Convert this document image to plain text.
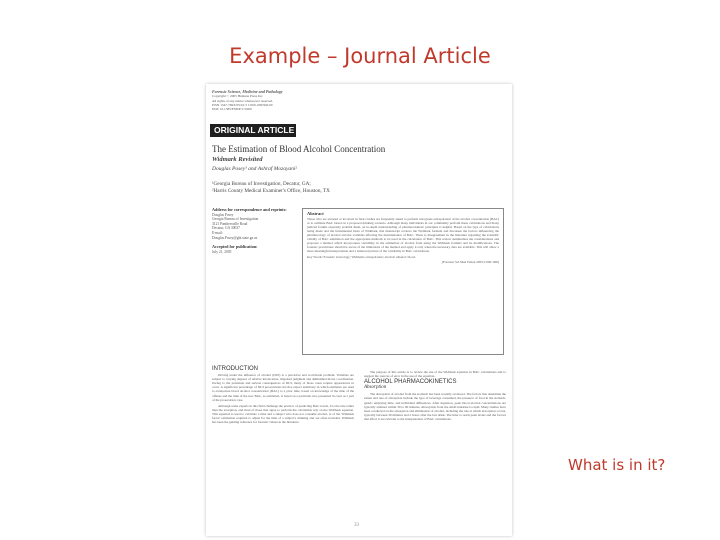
Example – Journal Article
Forensic Science, Medicine and Pathology
Copyright © 2005 Humana Press Inc.
All rights of any nature whatsoever reserved.
ISSN 1547-769X/05/01:3 1:000–000/$30.00
DOI: 10.1385/FSMP:1:3:000
ORIGINAL ARTICLE
The Estimation of Blood Alcohol Concentration
Widmark Revisited
Douglas Posey¹ and Ashraf Mozayani²
¹Georgia Bureau of Investigation, Decatur, GA;
²Harris County Medical Examiner's Office, Houston, TX
Address for correspondence and reprints:
Douglas Posey
Georgia Bureau of Investigation
3121 Panthersville Road
Decatur, GA 30037
E-mail:
Douglas.Posey@gbi.state.ga.us
Accepted for publication:
July 21, 2005
Abstract
Those who are arrested or involved in fatal crashes are frequently asked to perform retrograde extrapolation of the alcohol concentration (BAC) or to estimate BAC based on a proposed drinking scenario. Although many individuals in our community perform these calculations and many judicial forums expressly prohibit them, an in-depth understanding of pharmacokinetic principles is helpful. Based on the type of calculations being made and the fundamental basis of Widmark, this manuscript reviews the Widmark formula and discusses the factors influencing the pharmacology of alcohol and the variables affecting the determination of BAC. There is disagreement in the literature regarding the scientific validity of BAC estimation and the appropriate methods to be used in the calculation of BAC. This review summarizes the considerations and proposes a method which incorporates variability in the estimation of alcohol from using the Widmark formula and its modifications. The forensic practitioner should be aware of the limitations of the method and apply it only when the necessary data are available. This will allow a more meaningful interpretation and a balanced picture of the variability in BAC calculations.
Key Words: Forensic toxicology; Widmark; extrapolation; alcohol; ethanol; blood.
(Forensic Sci Med Pathol 2005;1:000–000)
INTRODUCTION

Driving under the influence of alcohol (DUI) is a pervasive and worldwide problem. Variables are subject to varying degrees of relative intoxication, impaired judgment and diminished motor coordination. Owing to the persistent and serious consequences of DUI, many of those cases require appearances in court. A significant percentage of DUI prosecutions involve expert testimony in which estimates are used to extrapolate blood alcohol concentration (BAC) to a prior time, based on knowledge of the time of the offense and the time of the test. BAC, as estimated, is based on a particular test, presented in court as a part of the prosecution case.

Although some experts in this field challenge the practice of predicting BAC levels, it is the rule rather than the exception, and most of those that agree to perform the calculation rely on the Widmark equation. This equation is used to calculate a time and a subject who does not consume alcohol, is of the 'Widmark factor' estimation required to adjust for the time of a subject's drinking and are often included. Widmark has been the guiding reference for forensic values in the literature.

The purpose of this article is to review the use of the Widmark equation in BAC calculations and to suggest the sources of error in the use of the equation.

ALCOHOL PHARMACOKINETICS
Absorption

The absorption of alcohol from the stomach has been recently reviewed. The factors that determine the extent and rate of absorption include the type of beverage consumed, the presence of food in the stomach, gastric emptying time, and individual differences. After ingestion, peak blood alcohol concentrations are typically attained within 30 to 90 minutes. Absorption from the small intestine is rapid. Many studies have been conducted on the absorption and elimination of alcohol, including the rate at which absorption occurs, typically between 30 minutes and 2 hours after the last drink. The time to reach peak levels and the factors that affect it are relevant to the interpretation of BAC calculations.

33
What is in it?
